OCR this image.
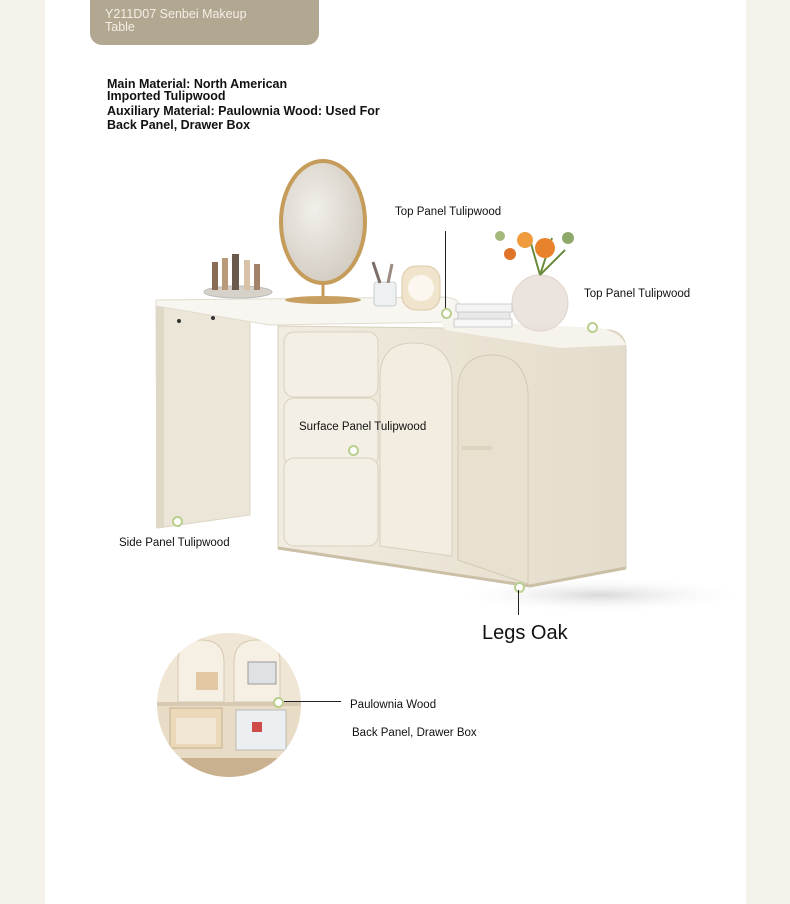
Y211D07 Senbei Makeup Table
Main Material: North American
Imported Tulipwood
Auxiliary Material: Paulownia Wood: Used For Back Panel, Drawer Box
Top Panel Tulipwood
Top Panel Tulipwood
Surface Panel Tulipwood
Side Panel Tulipwood
Legs Oak
Paulownia Wood
Back Panel, Drawer Box
